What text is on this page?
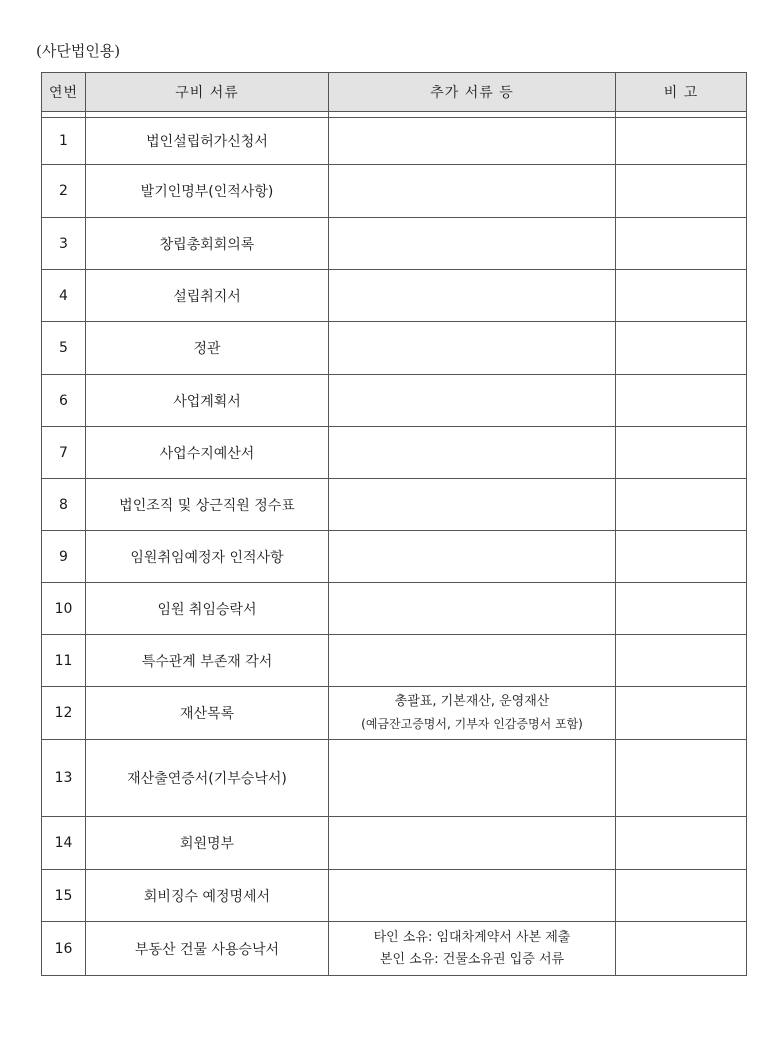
(사단법인용)
연번	구비 서류	추가 서류 등	비 고

1	법인설립허가신청서	

2	발기인명부(인적사항)	

3	창립총회회의록	

4	설립취지서	

5	정관	

6	사업계획서	

7	사업수지예산서	

8	법인조직 및 상근직원 정수표	

9	임원취임예정자 인적사항	

10	임원 취임승락서	

11	특수관계 부존재 각서	

12	재산목록	총괄표, 기본재산, 운영재산
(예금잔고증명서, 기부자 인감증명서 포함)	

13	재산출연증서(기부승낙서)	

14	회원명부	

15	회비징수 예정명세서	

16	부동산 건물 사용승낙서	타인 소유: 임대차계약서 사본 제출
본인 소유: 건물소유권 입증 서류	
